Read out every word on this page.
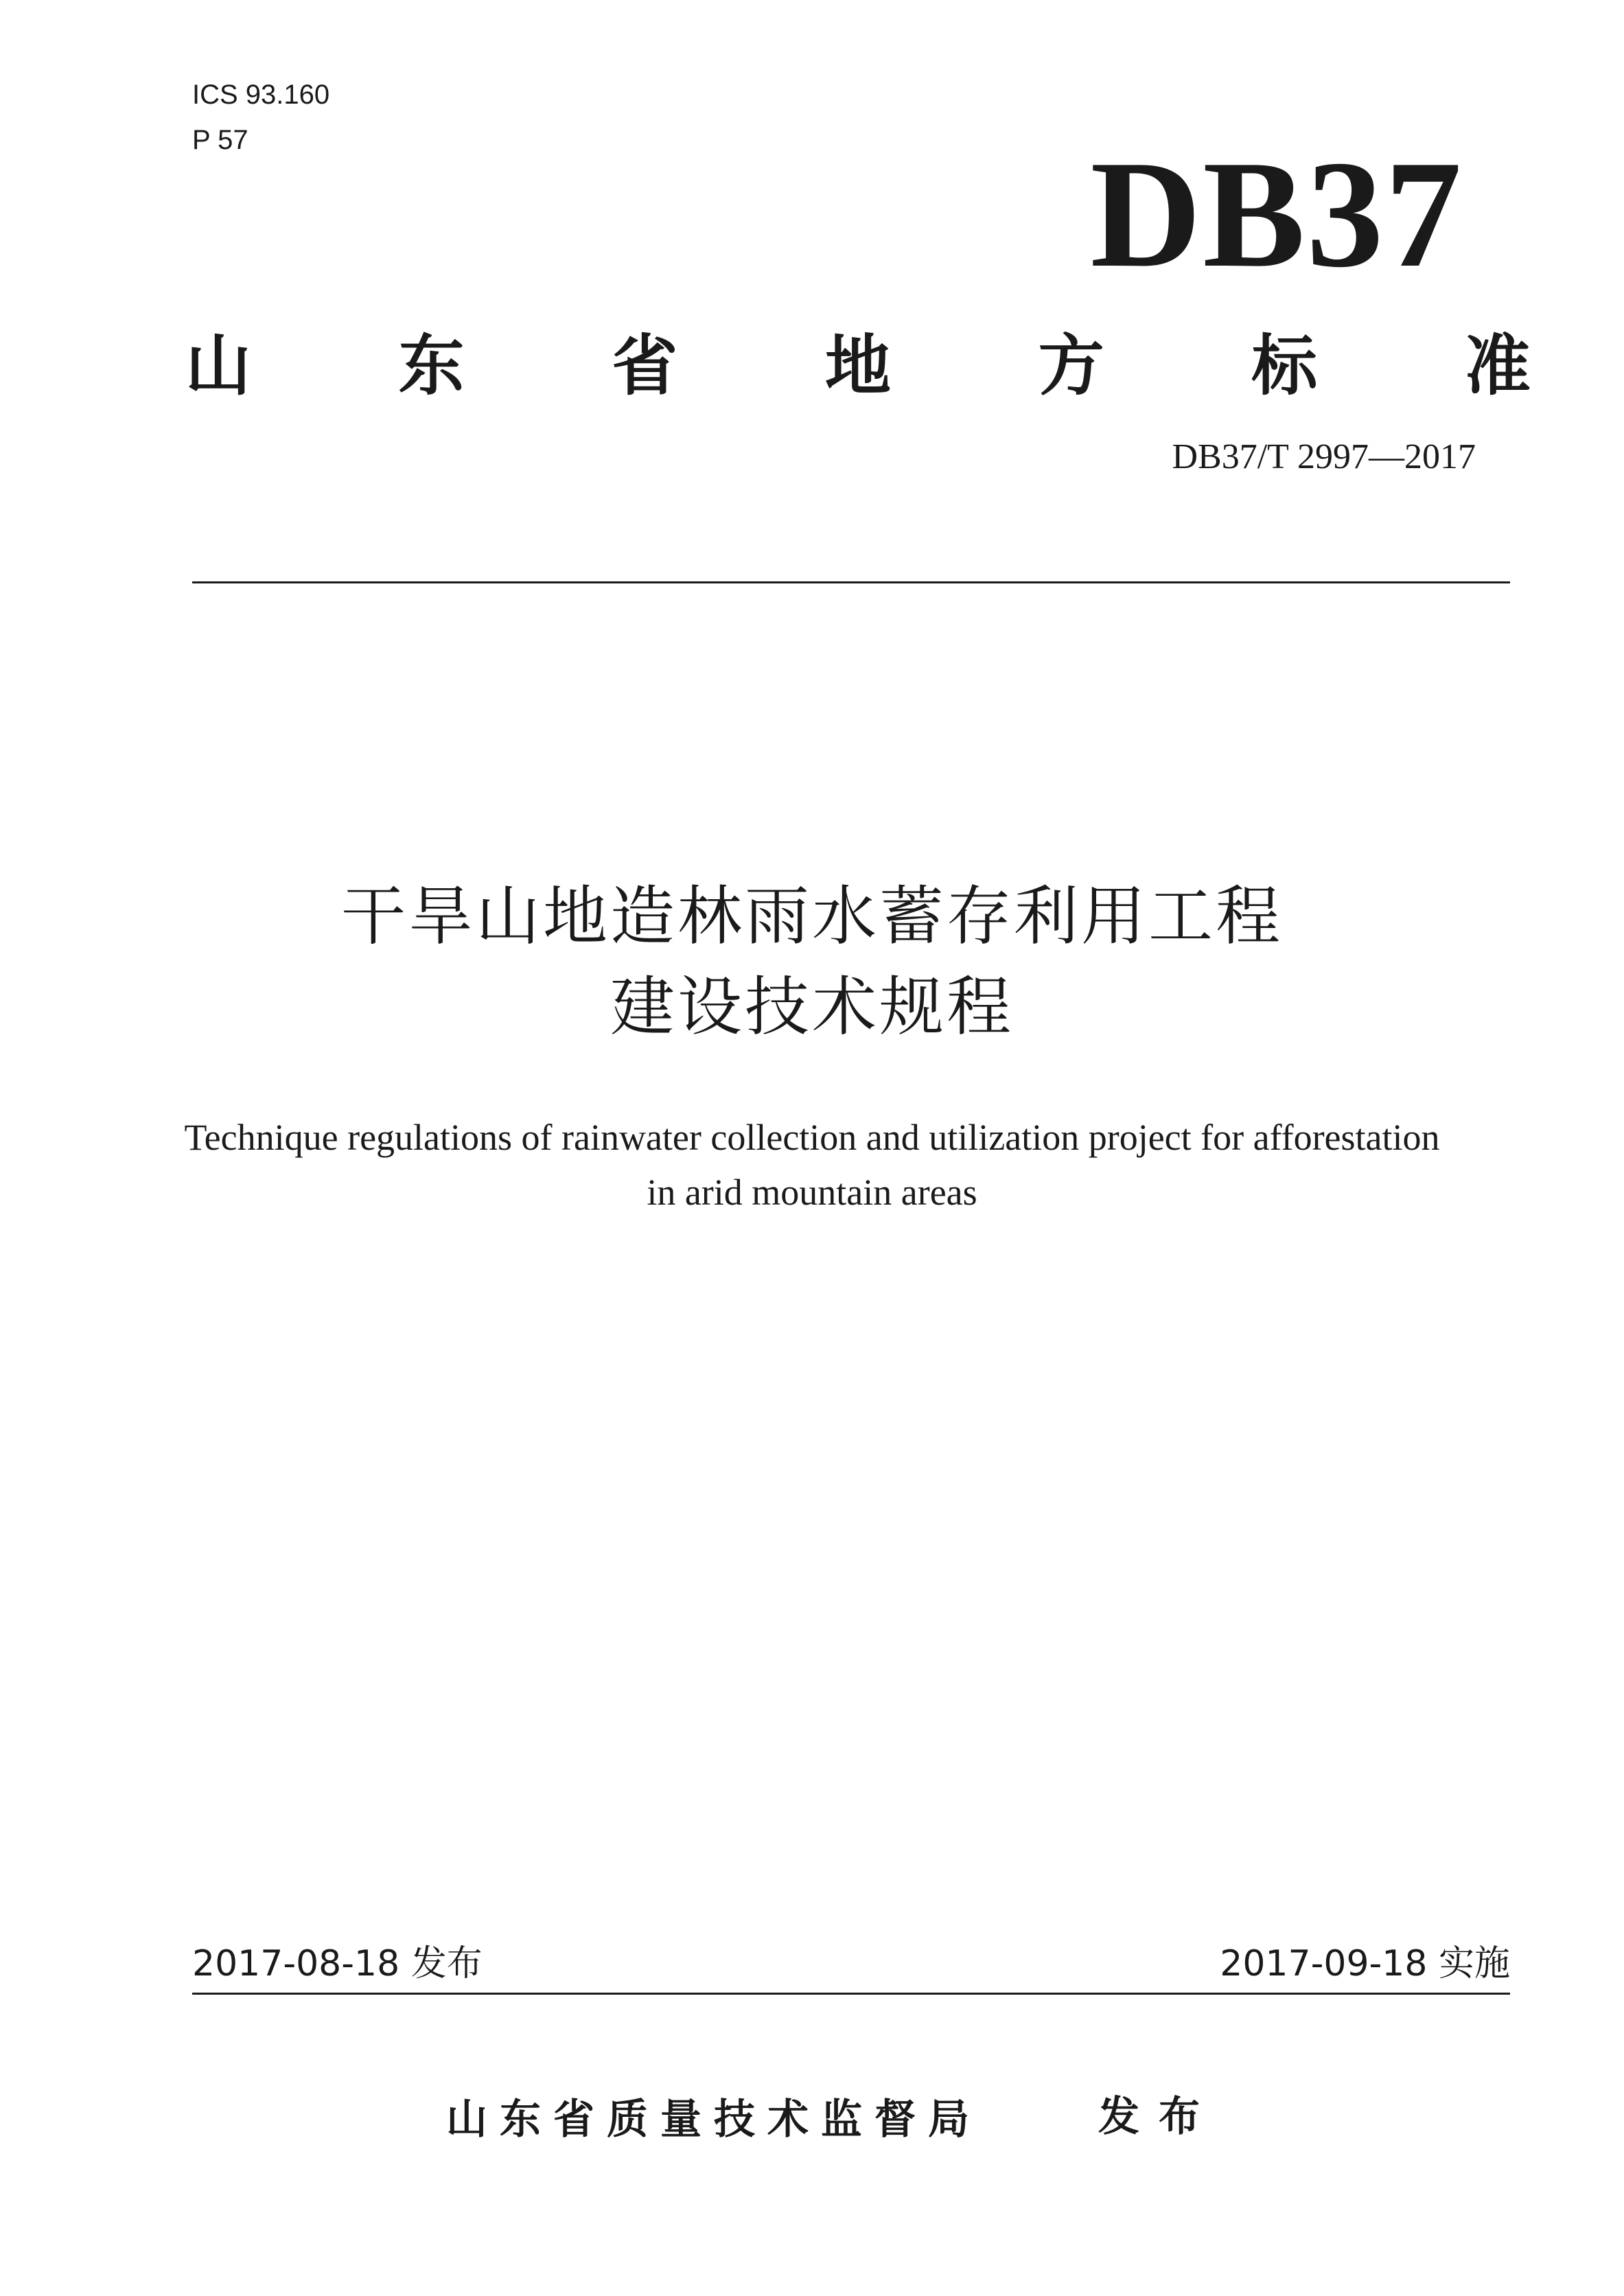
ICS 93.160
P 57	DB37
山 东 省 地 方 标 准
DB37/T 2997—2017
干旱山地造林雨水蓄存利用工程
建设技术规程
Technique regulations of rainwater collection and utilization project for afforestation
in arid mountain areas
2017-08-18 发布	2017-09-18 实施
山东省质量技术监督局	发布
